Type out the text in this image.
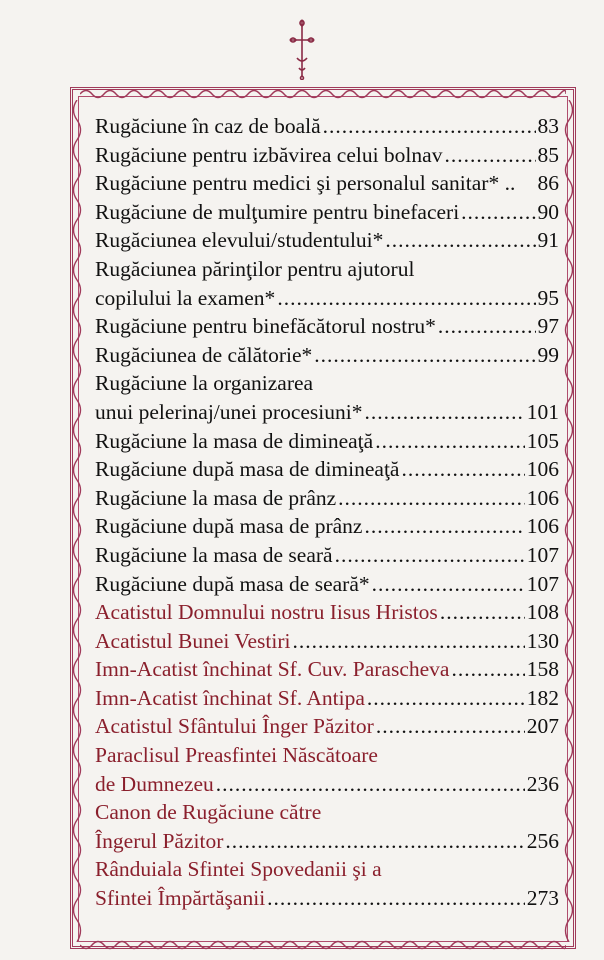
Rugăciune în caz de boală .....	83
Rugăciune pentru izbăvirea celui bolnav .....	85
Rugăciune pentru medici şi personalul sanitar* .. 86
Rugăciune de mulţumire pentru binefaceri .....	90
Rugăciunea elevului/studentului* .....	91
Rugăciunea părinţilor pentru ajutorul
copilului la examen* .....	95
Rugăciune pentru binefăcătorul nostru* .....	97
Rugăciunea de călătorie* .....	99
Rugăciune la organizarea
unui pelerinaj/unei procesiuni* .....	101
Rugăciune la masa de dimineaţă .....	105
Rugăciune după masa de dimineaţă .....	106
Rugăciune la masa de prânz .....	106
Rugăciune după masa de prânz .....	106
Rugăciune la masa de seară .....	107
Rugăciune după masa de seară* .....	107
Acatistul Domnului nostru Iisus Hristos .....	108
Acatistul Bunei Vestiri .....	130
Imn-Acatist închinat Sf. Cuv. Parascheva .....	158
Imn-Acatist închinat Sf. Antipa .....	182
Acatistul Sfântului Înger Păzitor .....	207
Paraclisul Preasfintei Născătoare
de Dumnezeu .....	236
Canon de Rugăciune către
Îngerul Păzitor .....	256
Rânduiala Sfintei Spovedanii şi a
Sfintei Împărtăşanii .....	273
